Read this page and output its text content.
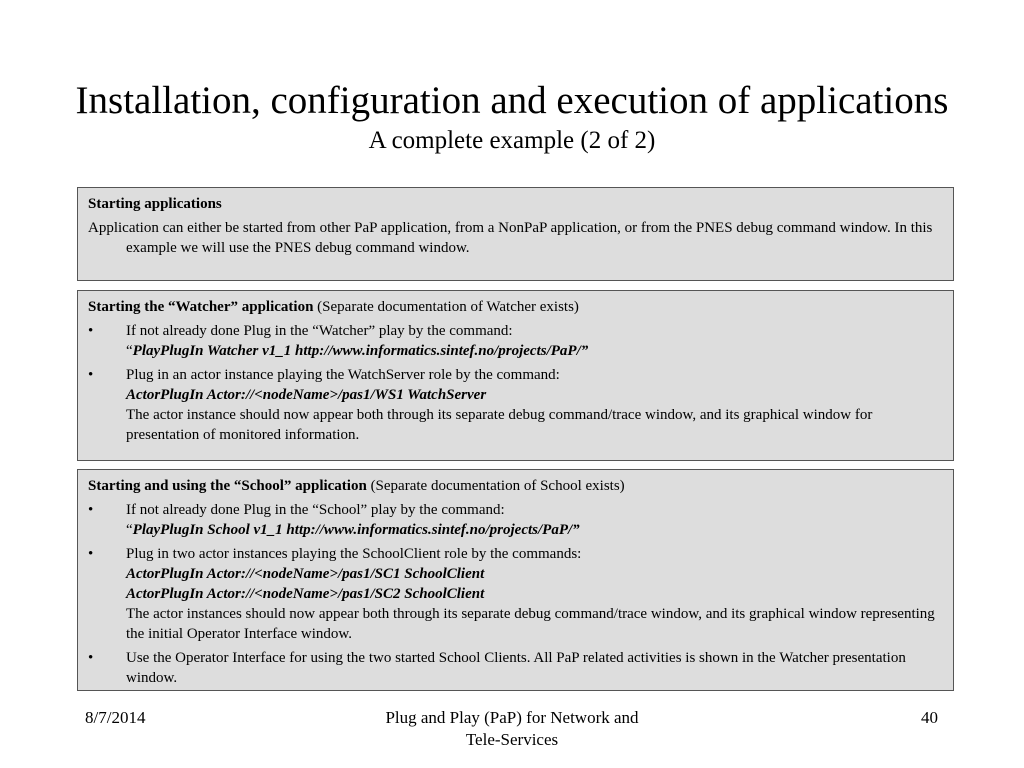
Installation, configuration and execution of applications
A complete example (2 of 2)

Starting applications

Application can either be started from other PaP application, from a NonPaP application, or from the PNES debug command window. In this example we will use the PNES debug command window.

Starting the “Watcher” application (Separate documentation of Watcher exists)

• If not already done Plug in the “Watcher” play by the command:
“PlayPlugIn Watcher v1_1 http://www.informatics.sintef.no/projects/PaP/”
• Plug in an actor instance playing the WatchServer role by the command:
ActorPlugIn Actor://<nodeName>/pas1/WS1 WatchServer
The actor instance should now appear both through its separate debug command/trace window, and its graphical window for presentation of monitored information.

Starting and using the “School” application (Separate documentation of School exists)

• If not already done Plug in the “School” play by the command:
“PlayPlugIn School v1_1 http://www.informatics.sintef.no/projects/PaP/”
• Plug in two actor instances playing the SchoolClient role by the commands:
ActorPlugIn Actor://<nodeName>/pas1/SC1 SchoolClient
ActorPlugIn Actor://<nodeName>/pas1/SC2 SchoolClient
The actor instances should now appear both through its separate debug command/trace window, and its graphical window representing the initial Operator Interface window.
• Use the Operator Interface for using the two started School Clients. All PaP related activities is shown in the Watcher presentation window.
8/7/2014	Plug and Play (PaP) for Network and
Tele-Services
40
